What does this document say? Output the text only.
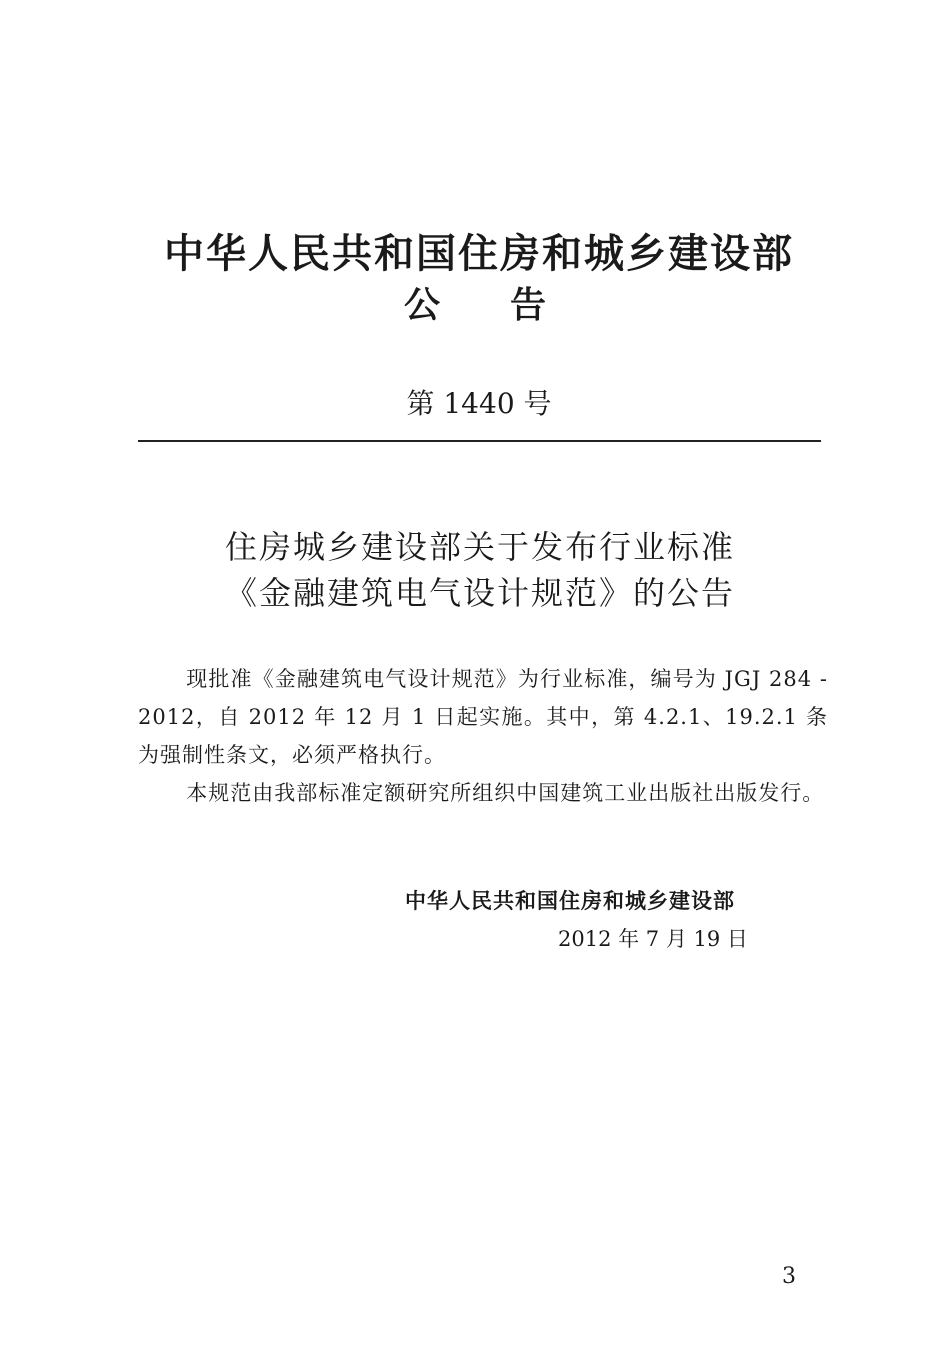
中华人民共和国住房和城乡建设部
公告
第 1440 号
住房城乡建设部关于发布行业标准
《金融建筑电气设计规范》的公告

现批准《金融建筑电气设计规范》为行业标准，编号为 JGJ 284 - 2012，自 2012 年 12 月 1 日起实施。其中，第 4.2.1、19.2.1 条为强制性条文，必须严格执行。

本规范由我部标准定额研究所组织中国建筑工业出版社出版发行。

中华人民共和国住房和城乡建设部
2012 年 7 月 19 日
3
